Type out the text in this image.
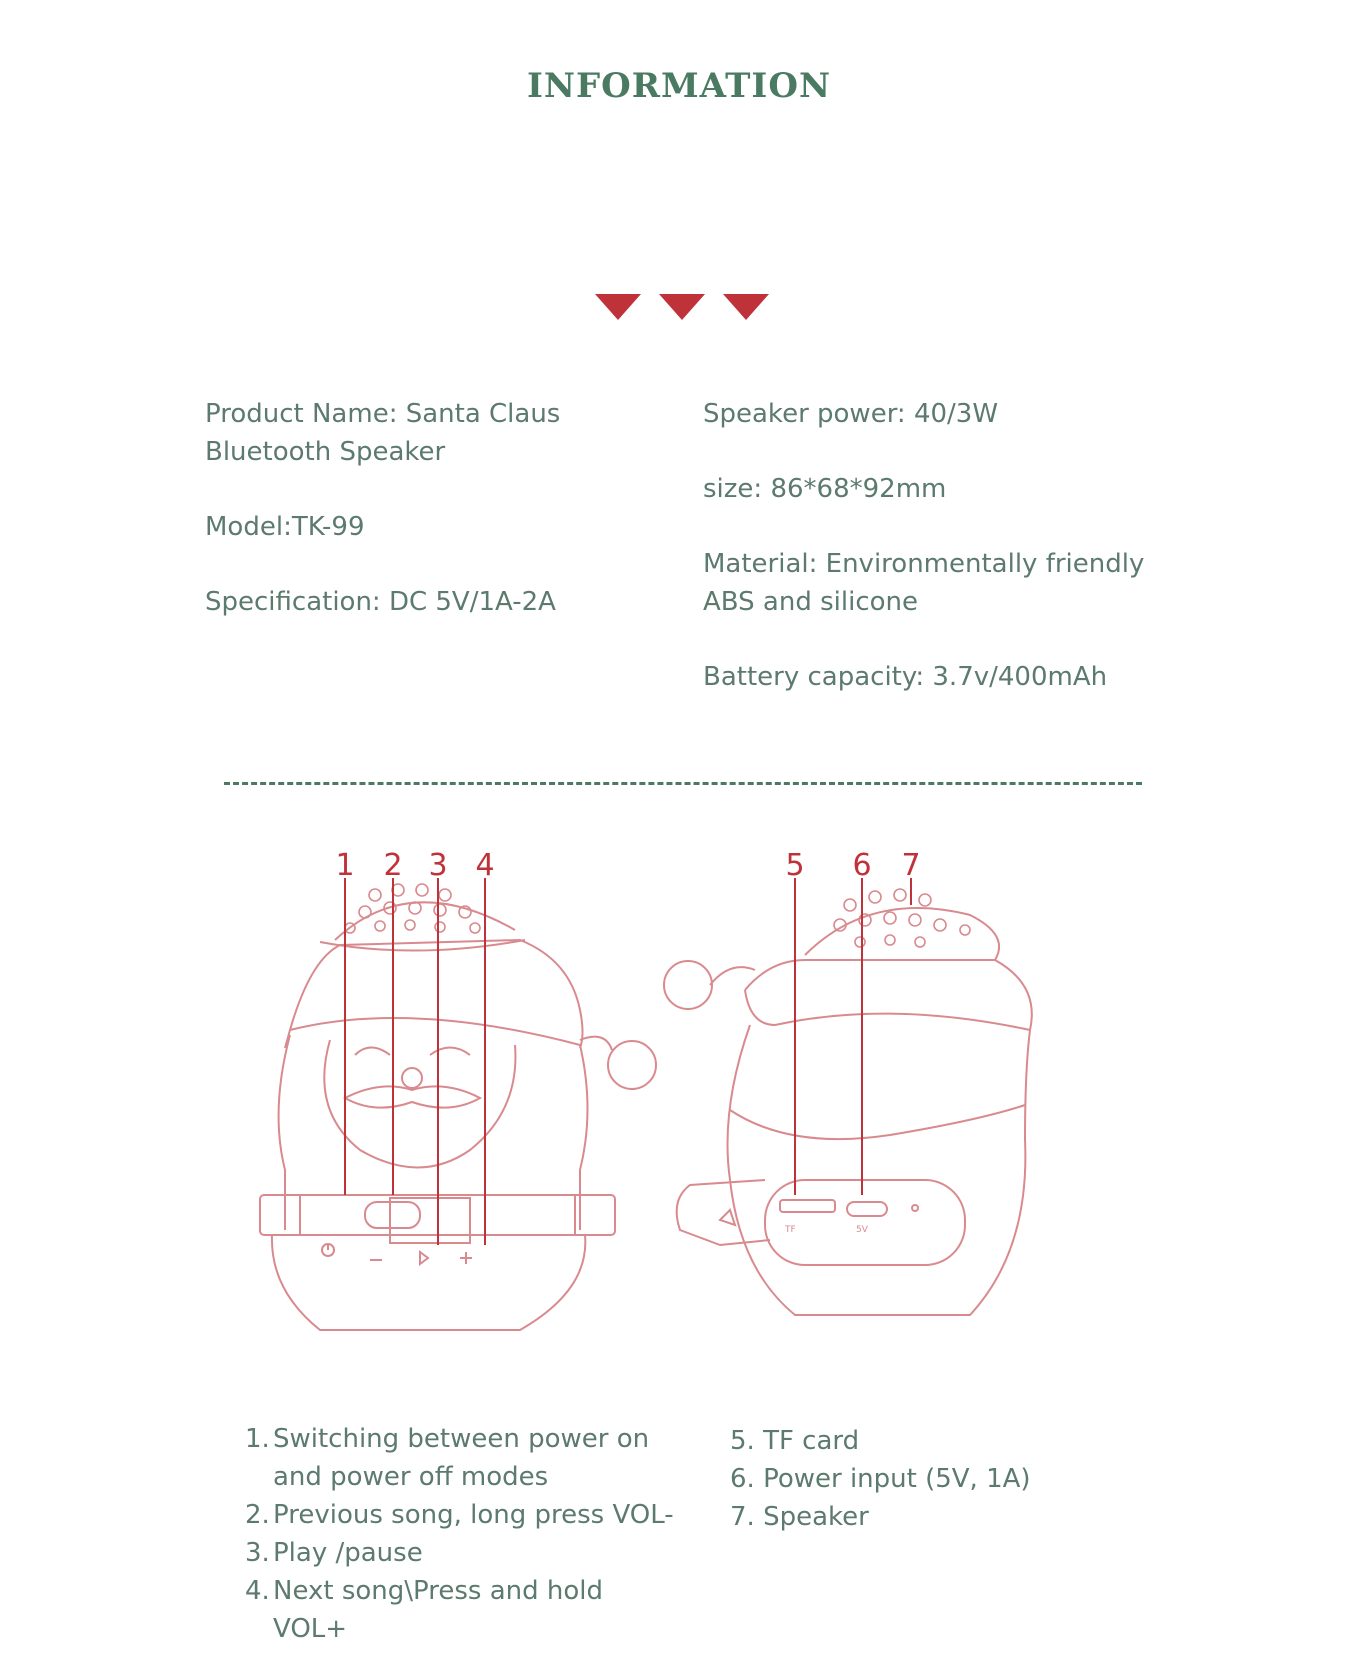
INFORMATION

Product Name: Santa Claus

Bluetooth Speaker

Model:TK-99

Specification: DC 5V/1A-2A

Speaker power: 40/3W

size: 86*68*92mm

Material: Environmentally friendly

ABS and silicone

Battery capacity: 3.7v/400mAh

TF	5V
1 2 3 4	5 6 7
1. Switching between power on
and power off modes
2. Previous song, long press VOL-
3. Play /pause
4. Next song\Press and hold
VOL+
5. TF card
6. Power input (5V, 1A)
7. Speaker
